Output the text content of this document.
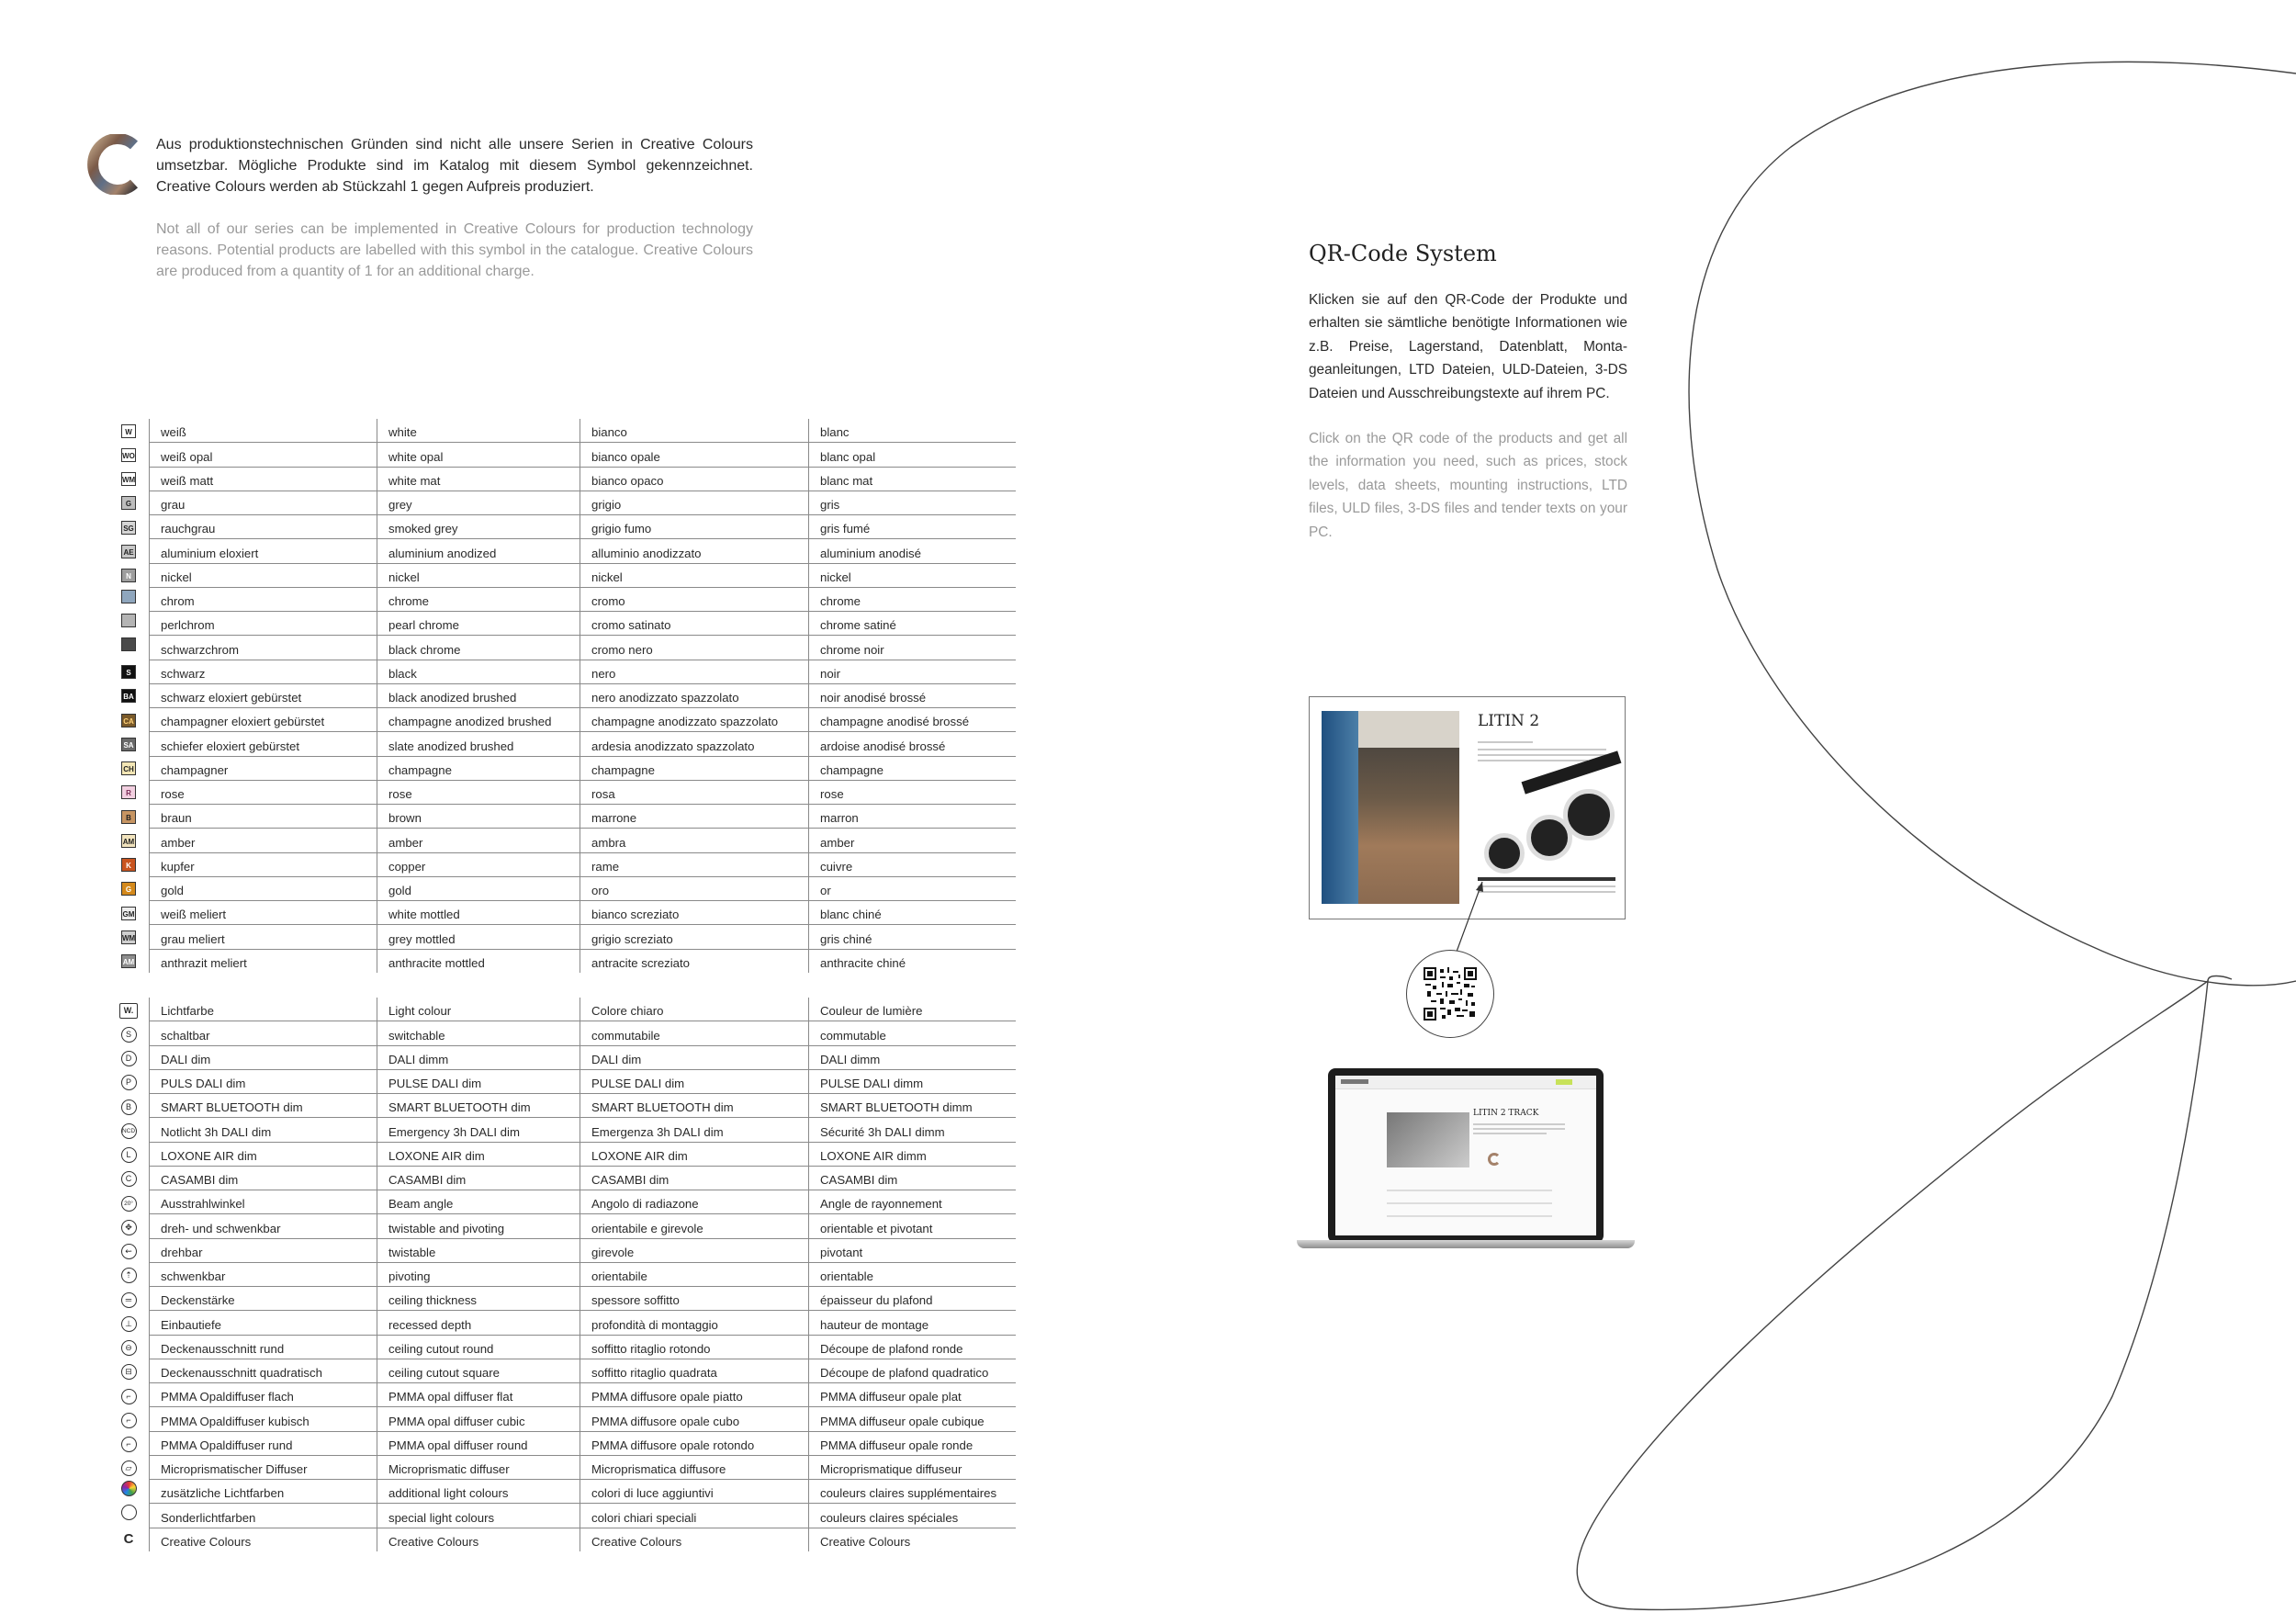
Aus produktionstechnischen Gründen sind nicht alle unsere Serien in Creative Colours umsetzbar. Mögliche Produkte sind im Katalog mit diesem Symbol gekennzeichnet. Creative Colours werden ab Stückzahl 1 gegen Aufpreis produziert.

Not all of our series can be implemented in Creative Colours for production technology reasons. Potential products are labelled with this symbol in the catalogue. Creative Colours are produced from a quantity of 1 for an additional charge.

W	weiß	white	bianco	blanc
WO	weiß opal	white opal	bianco opale	blanc opal
WM	weiß matt	white mat	bianco opaco	blanc mat
G	grau	grey	grigio	gris
SG	rauchgrau	smoked grey	grigio fumo	gris fumé
AE	aluminium eloxiert	aluminium anodized	alluminio anodizzato	aluminium anodisé
N	nickel	nickel	nickel	nickel
	chrom	chrome	cromo	chrome
	perlchrom	pearl chrome	cromo satinato	chrome satiné
	schwarzchrom	black chrome	cromo nero	chrome noir
S	schwarz	black	nero	noir
BA	schwarz eloxiert gebürstet	black anodized brushed	nero anodizzato spazzolato	noir anodisé brossé
CA	champagner eloxiert gebürstet	champagne anodized brushed	champagne anodizzato spazzolato	champagne anodisé brossé
SA	schiefer eloxiert gebürstet	slate anodized brushed	ardesia anodizzato spazzolato	ardoise anodisé brossé
CH	champagner	champagne	champagne	champagne
R	rose	rose	rosa	rose
B	braun	brown	marrone	marron
AM	amber	amber	ambra	amber
K	kupfer	copper	rame	cuivre
G	gold	gold	oro	or
GM	weiß meliert	white mottled	bianco screziato	blanc chiné
WM	grau meliert	grey mottled	grigio screziato	gris chiné
AM	anthrazit meliert	anthracite mottled	antracite screziato	anthracite chiné
W.	Lichtfarbe	Light colour	Colore chiaro	Couleur de lumière
S	schaltbar	switchable	commutabile	commutable
D	DALI dim	DALI dimm	DALI dim	DALI dimm
P	PULS DALI dim	PULSE DALI dim	PULSE DALI dim	PULSE DALI dimm
B	SMART BLUETOOTH dim	SMART BLUETOOTH dim	SMART BLUETOOTH dim	SMART BLUETOOTH dimm
NCD	Notlicht 3h DALI dim	Emergency 3h DALI dim	Emergenza 3h DALI dim	Sécurité 3h DALI dimm
L	LOXONE AIR dim	LOXONE AIR dim	LOXONE AIR dim	LOXONE AIR dimm
C	CASAMBI dim	CASAMBI dim	CASAMBI dim	CASAMBI dim
20°	Ausstrahlwinkel	Beam angle	Angolo di radiazone	Angle de rayonnement
✥	dreh- und schwenkbar	twistable and pivoting	orientabile e girevole	orientable et pivotant
⇜	drehbar	twistable	girevole	pivotant
⇡	schwenkbar	pivoting	orientabile	orientable
═	Deckenstärke	ceiling thickness	spessore soffitto	épaisseur du plafond
⊥	Einbautiefe	recessed depth	profondità di montaggio	hauteur de montage
⊖	Deckenausschnitt rund	ceiling cutout round	soffitto ritaglio rotondo	Découpe de plafond ronde
⊟	Deckenausschnitt quadratisch	ceiling cutout square	soffitto ritaglio quadrata	Découpe de plafond quadratico
⌐	PMMA Opaldiffuser flach	PMMA opal diffuser flat	PMMA diffusore opale piatto	PMMA diffuseur opale plat
⌐	PMMA Opaldiffuser kubisch	PMMA opal diffuser cubic	PMMA diffusore opale cubo	PMMA diffuseur opale cubique
⌐	PMMA Opaldiffuser rund	PMMA opal diffuser round	PMMA diffusore opale rotondo	PMMA diffuseur opale ronde
▱	Microprismatischer Diffuser	Microprismatic diffuser	Microprismatica diffusore	Microprismatique diffuseur
	zusätzliche Lichtfarben	additional light colours	colori di luce aggiuntivi	couleurs claires supplémentaires
	Sonderlichtfarben	special light colours	colori chiari speciali	couleurs claires spéciales
C	Creative Colours	Creative Colours	Creative Colours	Creative Colours
QR-Code System

Klicken sie auf den QR-Code der Produkte und erhalten sie sämtliche benötigte Informationen wie z.B. Preise, Lagerstand, Datenblatt, Monta-geanleitungen, LTD Dateien, ULD-Dateien, 3-DS Dateien und Ausschreibungstexte auf ihrem PC.

Click on the QR code of the products and get all the information you need, such as prices, stock levels, data sheets, mounting instructions, LTD files, ULD files, 3-DS files and tender texts on your PC.

LITIN 2
LITIN 2 TRACK
